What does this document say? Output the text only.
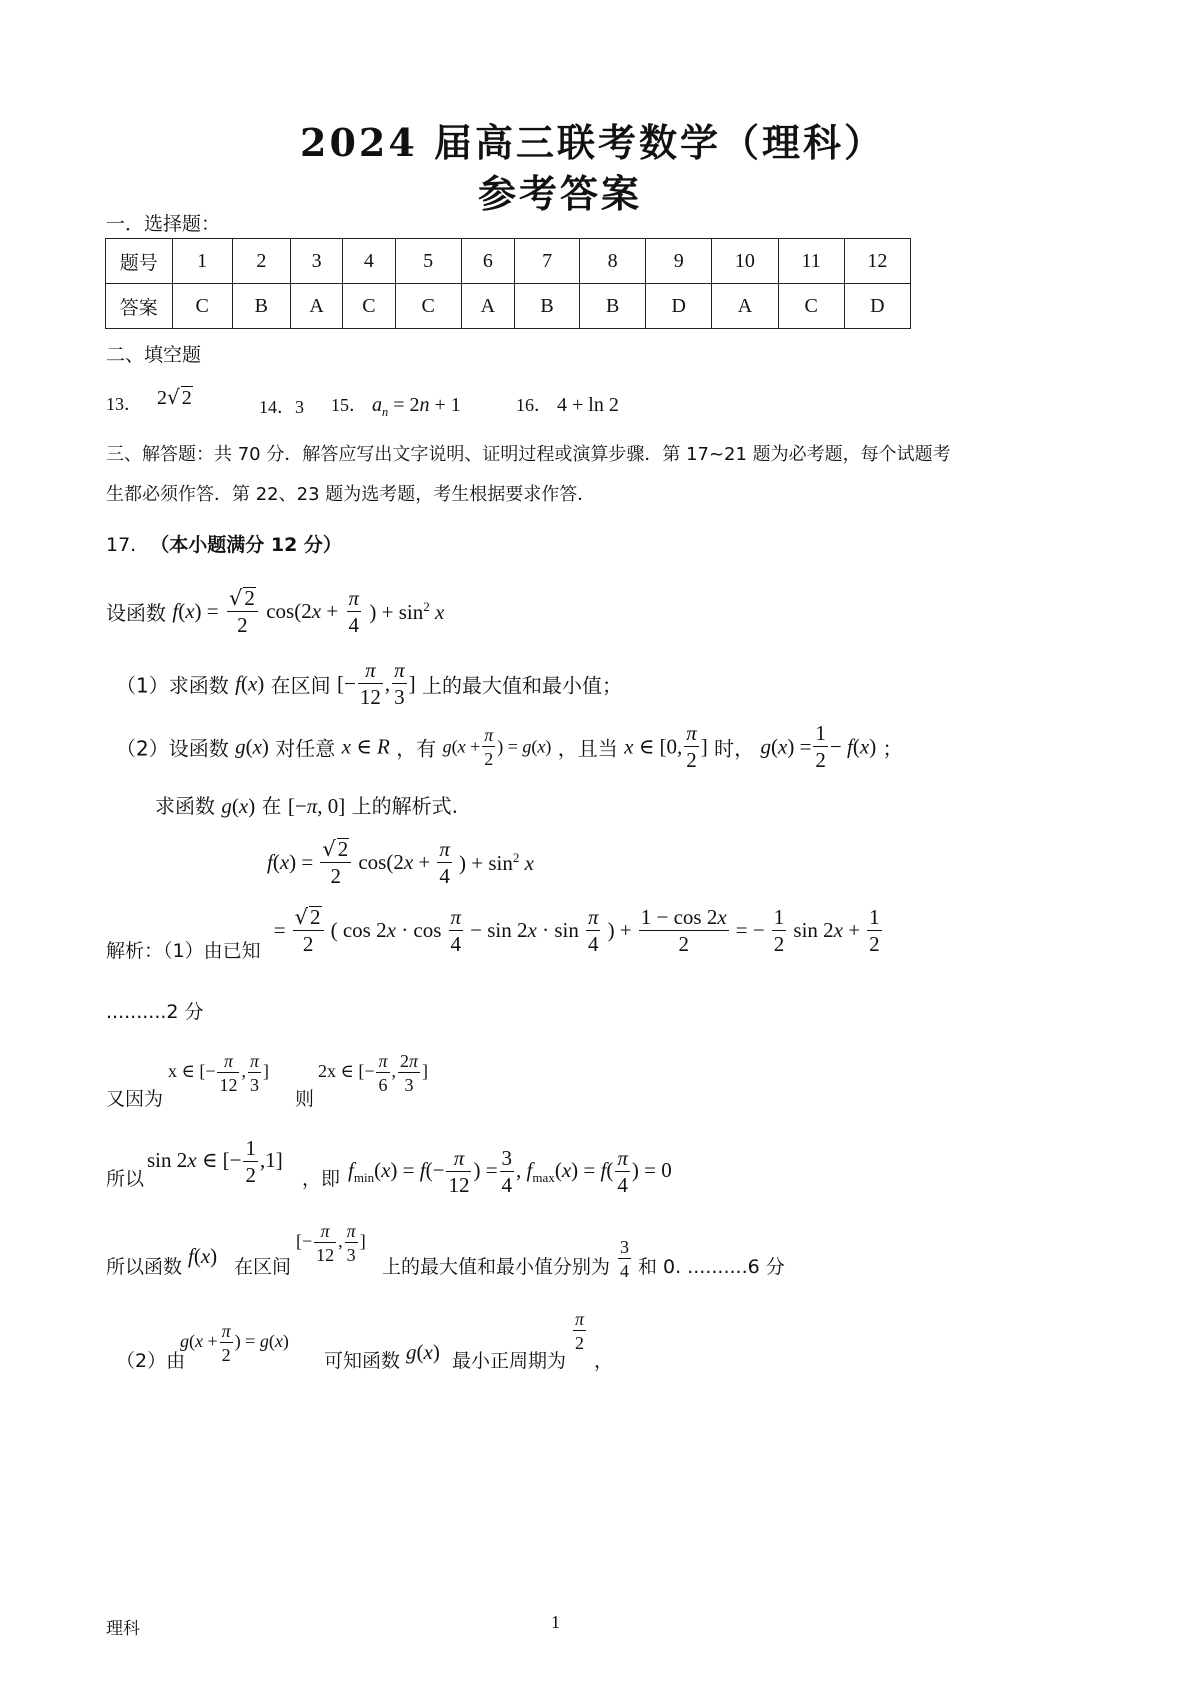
2024 届高三联考数学（理科）
参考答案
一．选择题：
题号	1	2	3	4	5	6	7	8	9	10	11	12
答案	C	B	A	C	C	A	B	B	D	A	C	D
二、填空题
13． 2√ 2	14．3 15． $a_n = 2n + 1$	16． 4 + ln 2
三、解答题：共 70 分．解答应写出文字说明、证明过程或演算步骤．第 17~21 题为必考题，每个试题考
生都必须作答．第 22、23 题为选考题，考生根据要求作答．
17. （本小题满分 12 分）
设函数 $f(x) = \frac{√2}{2} \cos(2x + \frac{\pi}{4}$ ) + $\sin^2 x$
（1）求函数 f(x) 在区间 [− $\frac{\pi}{12}$ , $\frac{\pi}{3}$ ] 上的最大值和最小值；
（2）设函数 g(x) 对任意 x ∈ R ，有 $g(x + \frac{\pi}{2}$ ) = g(x) ，且当 x ∈ [0, $\frac{\pi}{2}$ ] 时， $g(x) = \frac{1}{2} - f(x)$ ；
求函数 g(x) 在 [−π, 0] 上的解析式.
$f(x) = \frac{√2}{2} \cos(2x + \frac{\pi}{4}$ ) + $\sin^2 x$
解析：（1）由已知 = $\frac{√2}{2}$ ( $\cos 2x \cdot \cos \frac{\pi}{4} - \sin 2x \cdot \sin \frac{\pi}{4}$ ) + $\frac{1 - \cos 2x}{2}$ = − $\frac{1}{2}$ $\sin 2x + \frac{1}{2}$
..........2 分
又因为
x ∈ [− $\frac{\pi}{12}$ , $\frac{\pi}{3}$ ]
则
2x ∈ [− $\frac{\pi}{6}$ , $\frac{2\pi}{3}$ ]
所以
sin 2x ∈ [− $\frac{1}{2} ,1$]
，即 $f_{min}(x) = f(- \frac{\pi}{12}$ ) = $\frac{3}{4}$ , $f_{max}(x) = f( \frac{\pi}{4}$ ) = 0
所以函数 f(x) 在区间
[− $\frac{\pi}{12}$ , $\frac{\pi}{3}$ ]
上的最大值和最小值分别为 $\frac{3}{4}$ 和 0. ..........6 分
（2）由
$g(x + \frac{\pi}{2}$ ) = g(x)
可知函数 g(x) 最小正周期为
$\frac{\pi}{2}$
，
理科	1
